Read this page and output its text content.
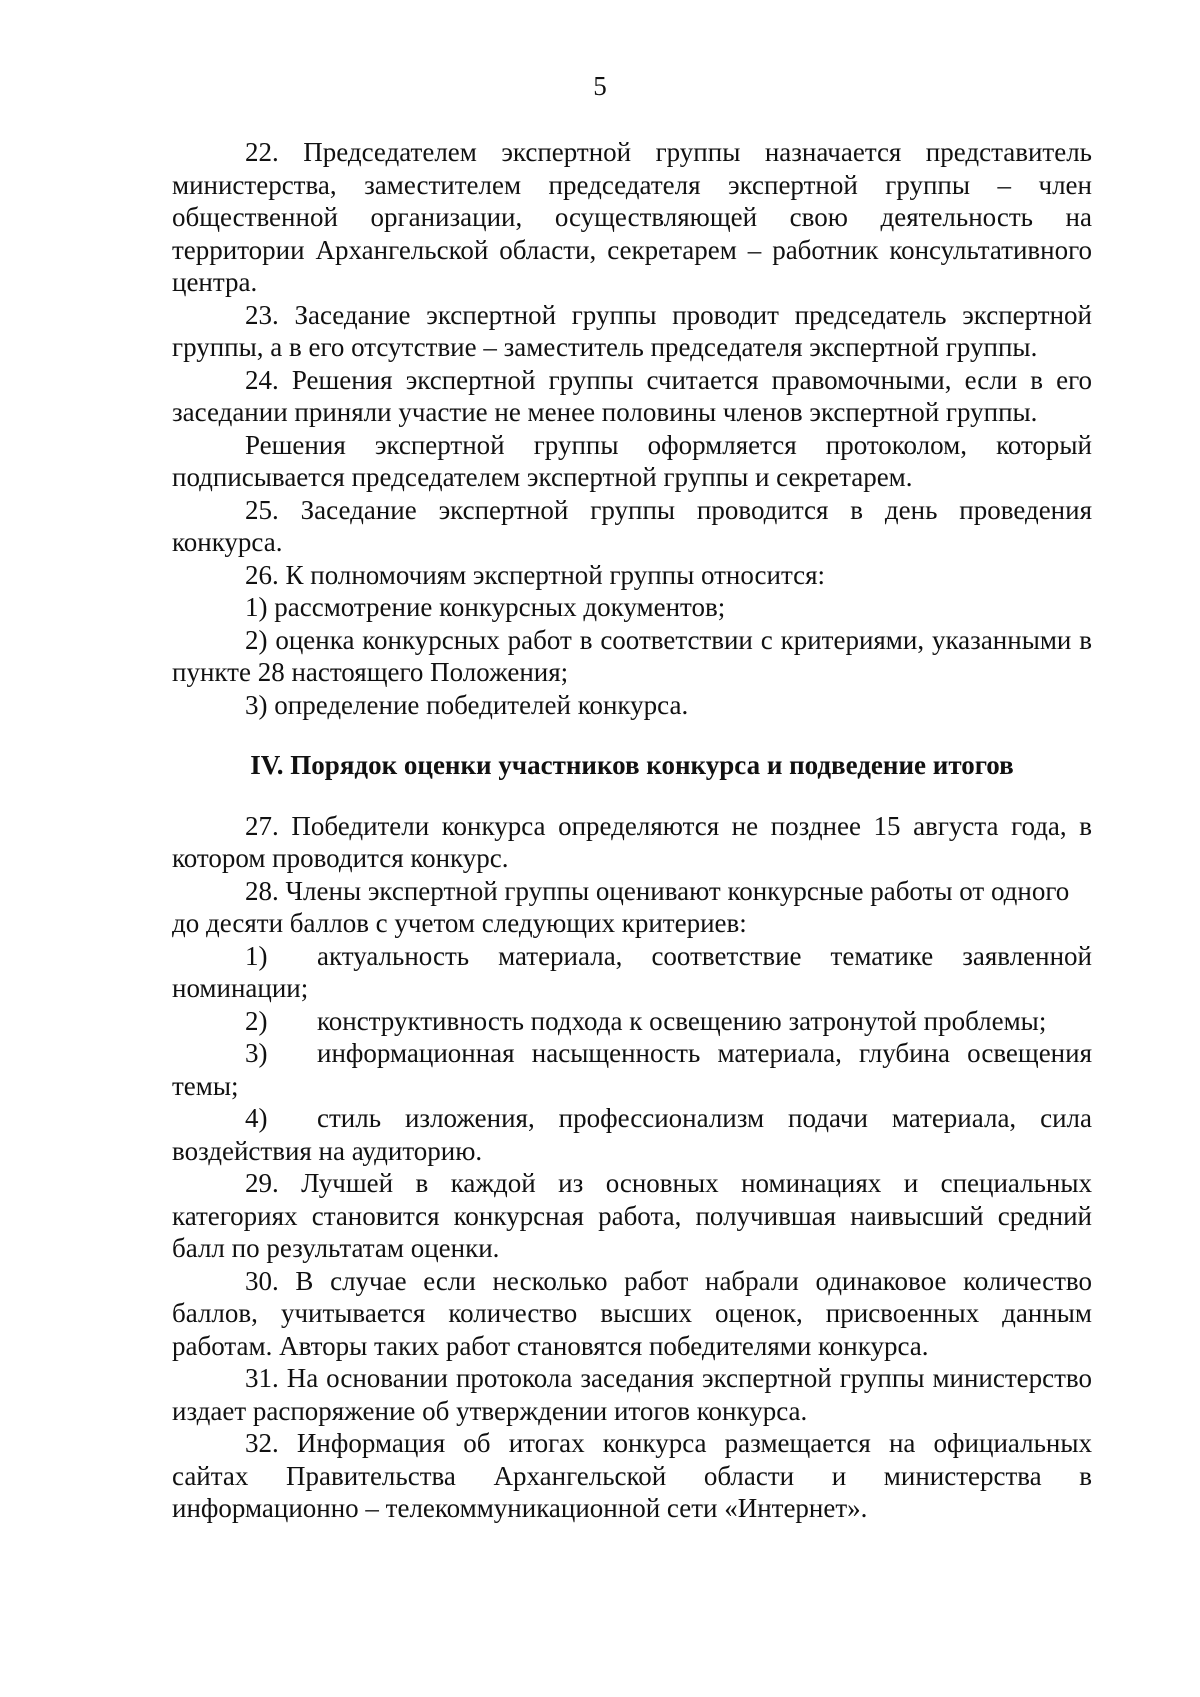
5

22. Председателем экспертной группы назначается представитель министерства, заместителем председателя экспертной группы – член общественной организации, осуществляющей свою деятельность на территории Архангельской области, секретарем – работник консультативного центра.

23. Заседание экспертной группы проводит председатель экспертной группы, а в его отсутствие – заместитель председателя экспертной группы.

24. Решения экспертной группы считается правомочными, если в его заседании приняли участие не менее половины членов экспертной группы.

Решения экспертной группы оформляется протоколом, который подписывается председателем экспертной группы и секретарем.

25. Заседание экспертной группы проводится в день проведения конкурса.

26. К полномочиям экспертной группы относится:

1) рассмотрение конкурсных документов;

2) оценка конкурсных работ в соответствии с критериями, указанными в пункте 28 настоящего Положения;

3) определение победителей конкурса.

IV. Порядок оценки участников конкурса и подведение итогов

27. Победители конкурса определяются не позднее 15 августа года, в котором проводится конкурс.

28. Члены экспертной группы оценивают конкурсные работы от одного

до десяти баллов с учетом следующих критериев:

1) актуальность материала, соответствие тематике заявленной номинации;

2) конструктивность подхода к освещению затронутой проблемы;

3) информационная насыщенность материала, глубина освещения темы;

4) стиль изложения, профессионализм подачи материала, сила воздействия на аудиторию.

29. Лучшей в каждой из основных номинациях и специальных категориях становится конкурсная работа, получившая наивысший средний балл по результатам оценки.

30. В случае если несколько работ набрали одинаковое количество баллов, учитывается количество высших оценок, присвоенных данным работам. Авторы таких работ становятся победителями конкурса.

31. На основании протокола заседания экспертной группы министерство издает распоряжение об утверждении итогов конкурса.

32. Информация об итогах конкурса размещается на официальных сайтах Правительства Архангельской области и министерства в информационно – телекоммуникационной сети «Интернет».
